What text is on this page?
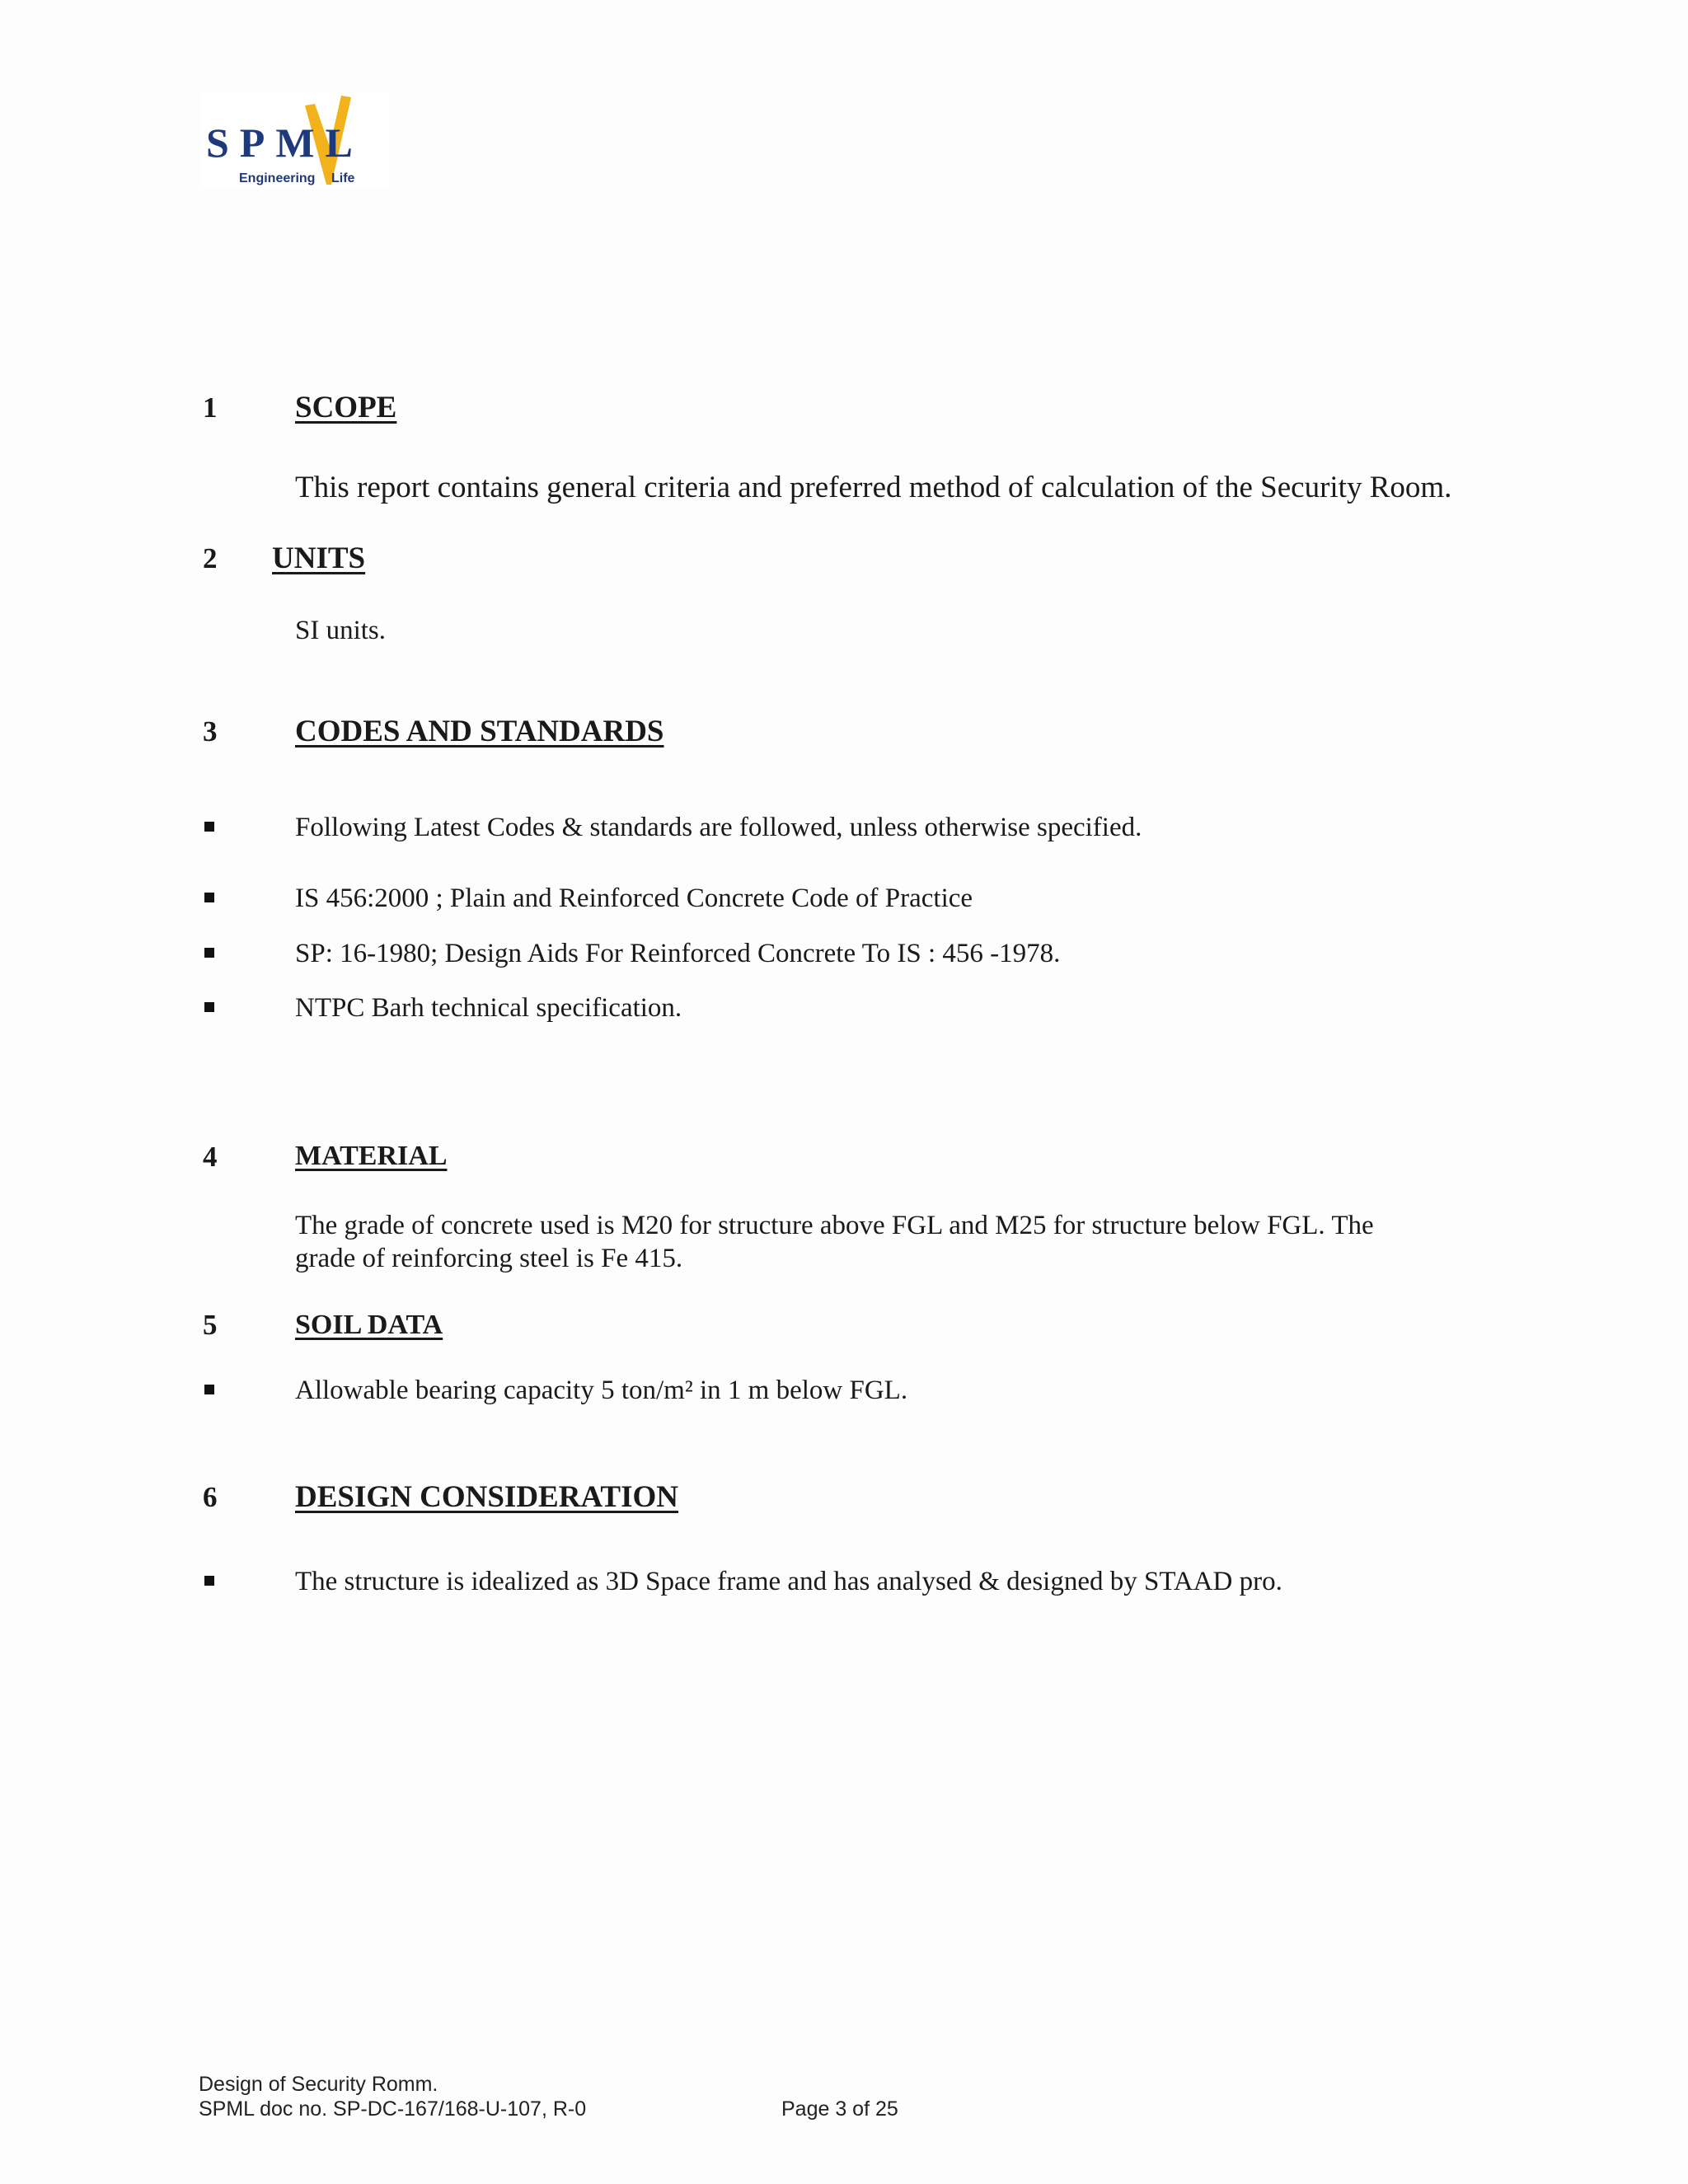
SPML
Engineering Life
1	SCOPE
This report contains general criteria and preferred method of calculation of the Security Room.
2 UNITS
SI units.
3	CODES AND STANDARDS
Following Latest Codes & standards are followed, unless otherwise specified.
IS 456:2000 ; Plain and Reinforced Concrete Code of Practice
SP: 16-1980; Design Aids For Reinforced Concrete To IS : 456 -1978.
NTPC Barh technical specification.
4	MATERIAL
The grade of concrete used is M20 for structure above FGL and M25 for structure below FGL. The
grade of reinforcing steel is Fe 415.
5	SOIL DATA
Allowable bearing capacity 5 ton/m² in 1 m below FGL.
6	DESIGN CONSIDERATION
The structure is idealized as 3D Space frame and has analysed & designed by STAAD pro.
Design of Security Romm.
SPML doc no. SP-DC-167/168-U-107, R-0	Page 3 of 25
